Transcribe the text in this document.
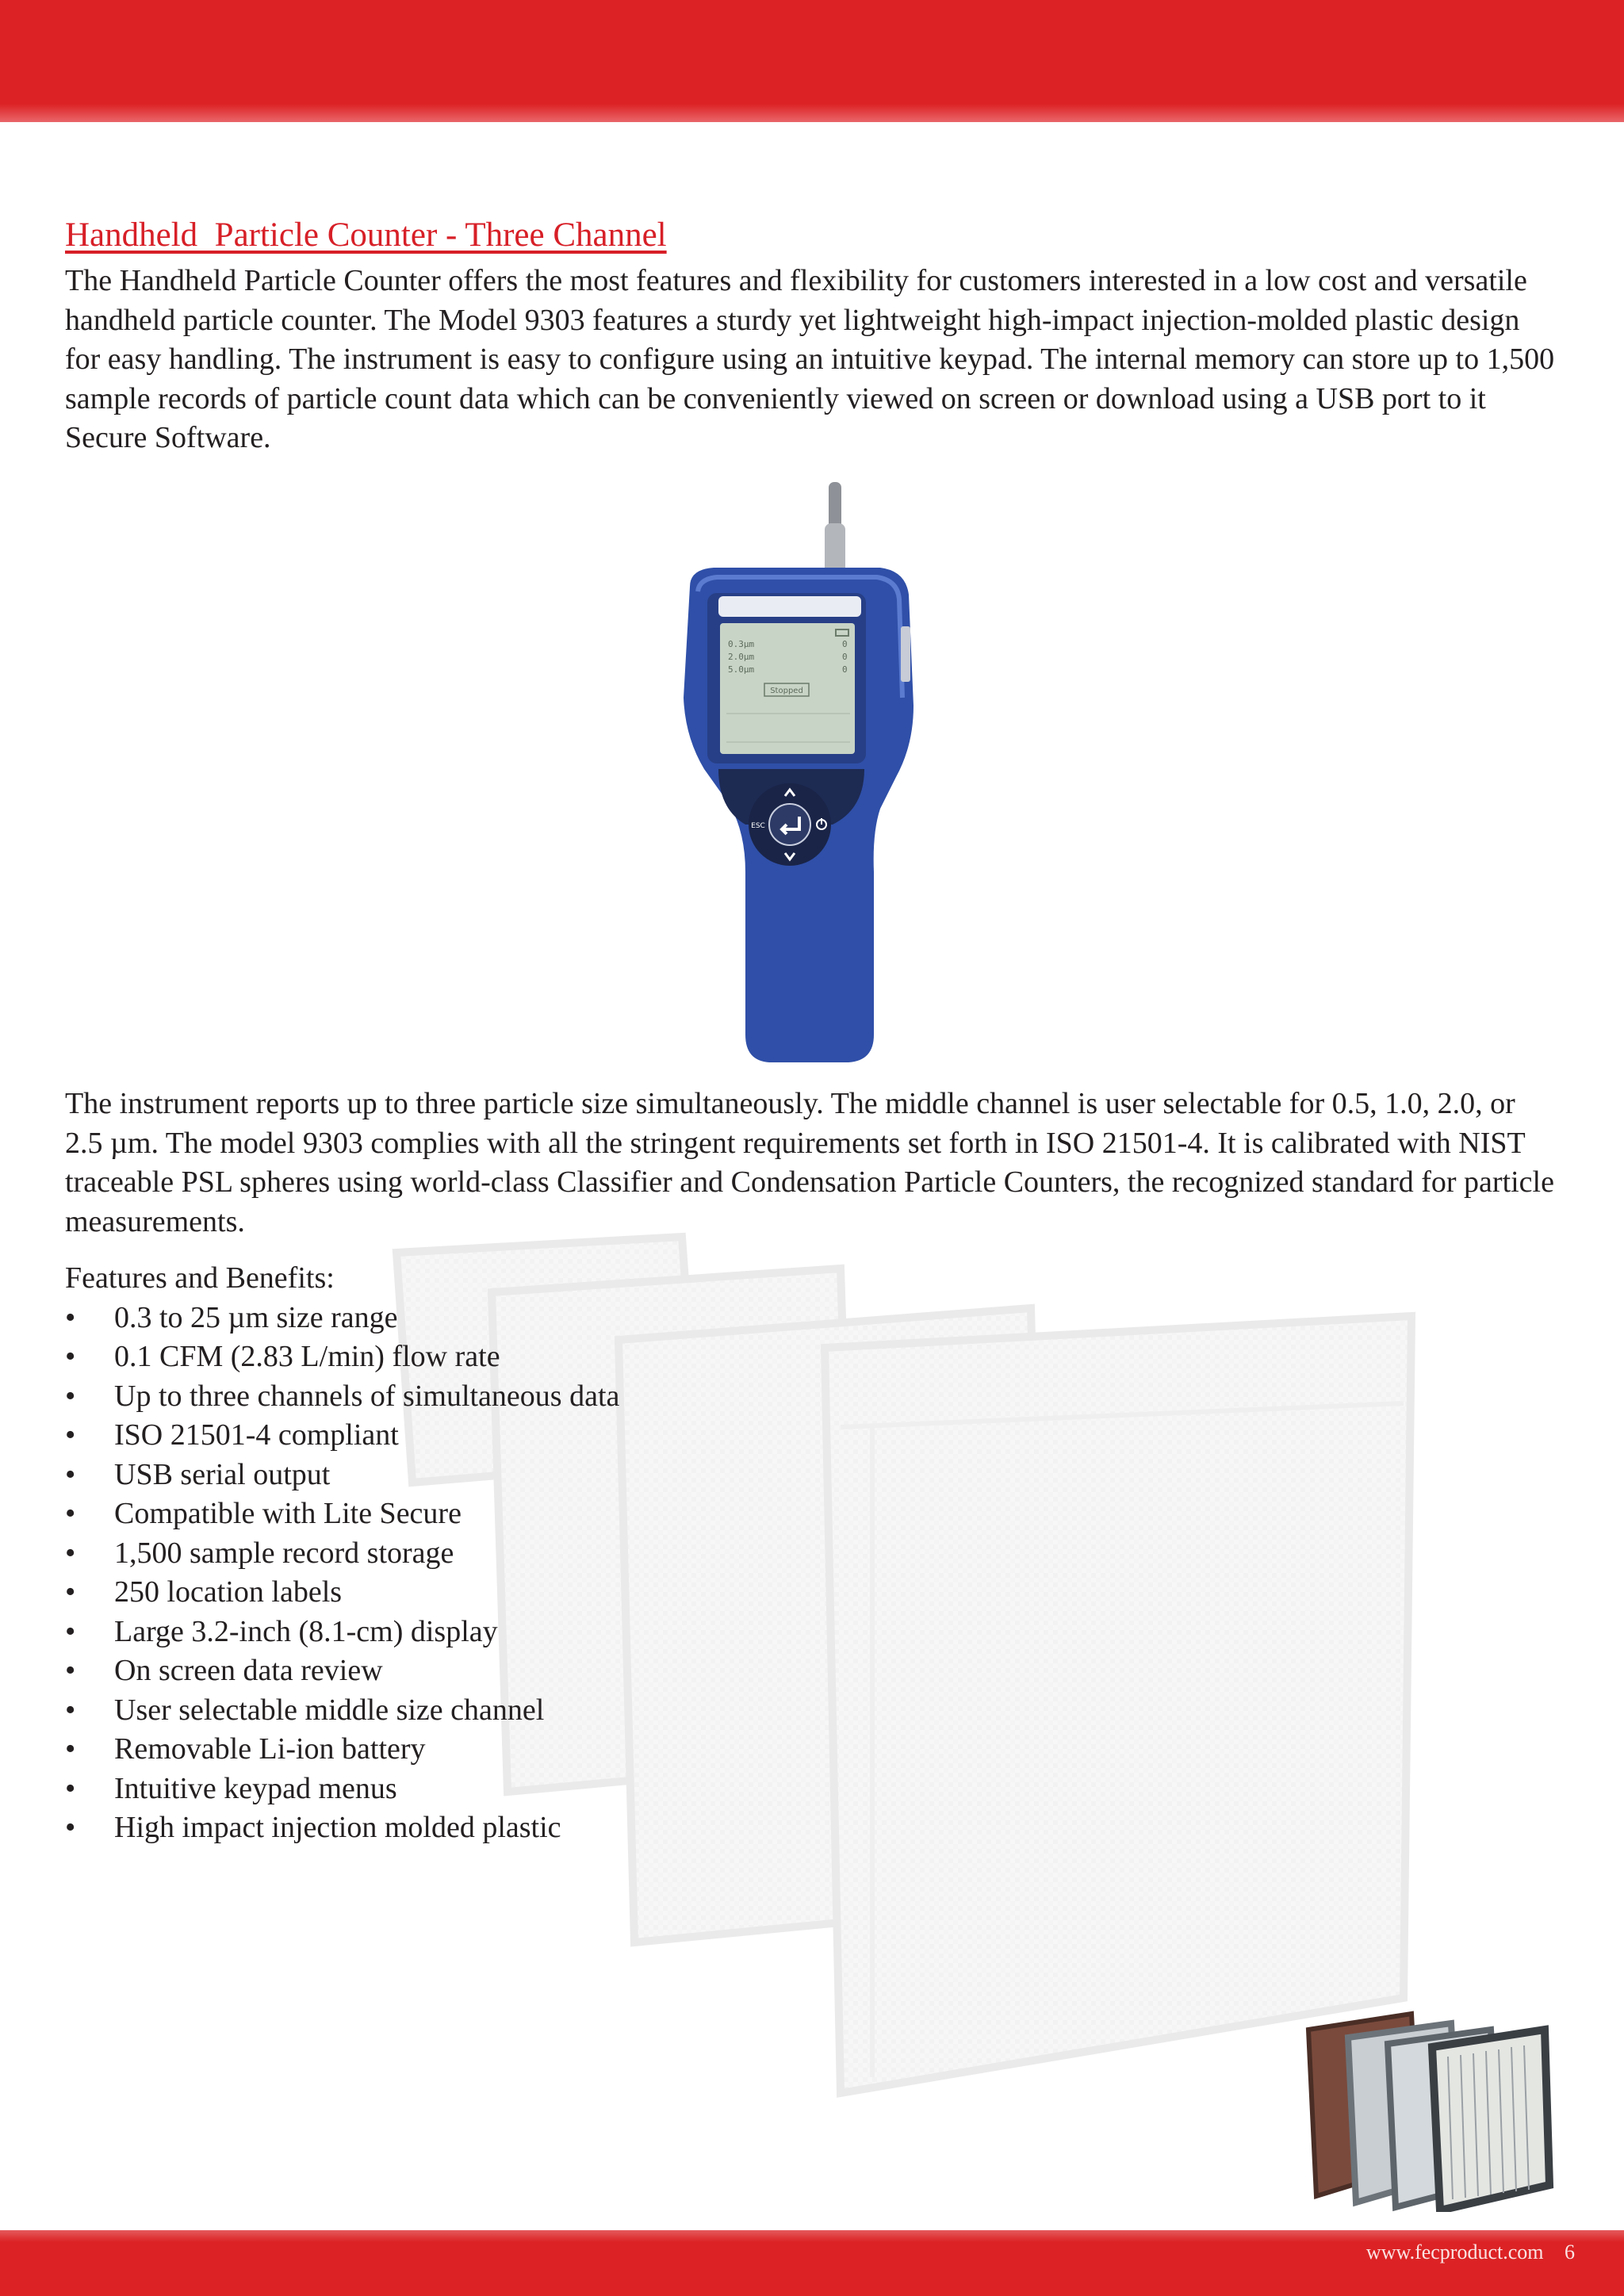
Handheld  Particle Counter - Three Channel

The Handheld Particle Counter offers the most features and flexibility for customers interested in a low cost and versatile handheld particle counter. The Model 9303 features a sturdy yet lightweight high-impact injection-molded plastic design for easy handling. The instrument is easy to configure using an intuitive keypad. The internal memory can store up to 1,500 sample records of particle count data which can be conveniently viewed on screen or download using a USB port to it Secure Software.

0.3µm	0
2.0µm	0
5.0µm	0
Stopped
ESC

The instrument reports up to three particle size simultaneously. The middle channel is user selectable for 0.5, 1.0, 2.0, or 2.5 µm. The model 9303 complies with all the stringent requirements set forth in ISO 21501-4. It is calibrated with NIST traceable PSL spheres using world-class Classifier and Condensation Particle Counters, the recognized standard for particle measurements.

Features and Benefits:
• 0.3 to 25 µm size range
• 0.1 CFM (2.83 L/min) flow rate
• Up to three channels of simultaneous data
• ISO 21501-4 compliant
• USB serial output
• Compatible with Lite Secure
• 1,500 sample record storage
• 250 location labels
• Large 3.2-inch (8.1-cm) display
• On screen data review
• User selectable middle size channel
• Removable Li-ion battery
• Intuitive keypad menus
• High impact injection molded plastic
www.fecproduct.com 6
